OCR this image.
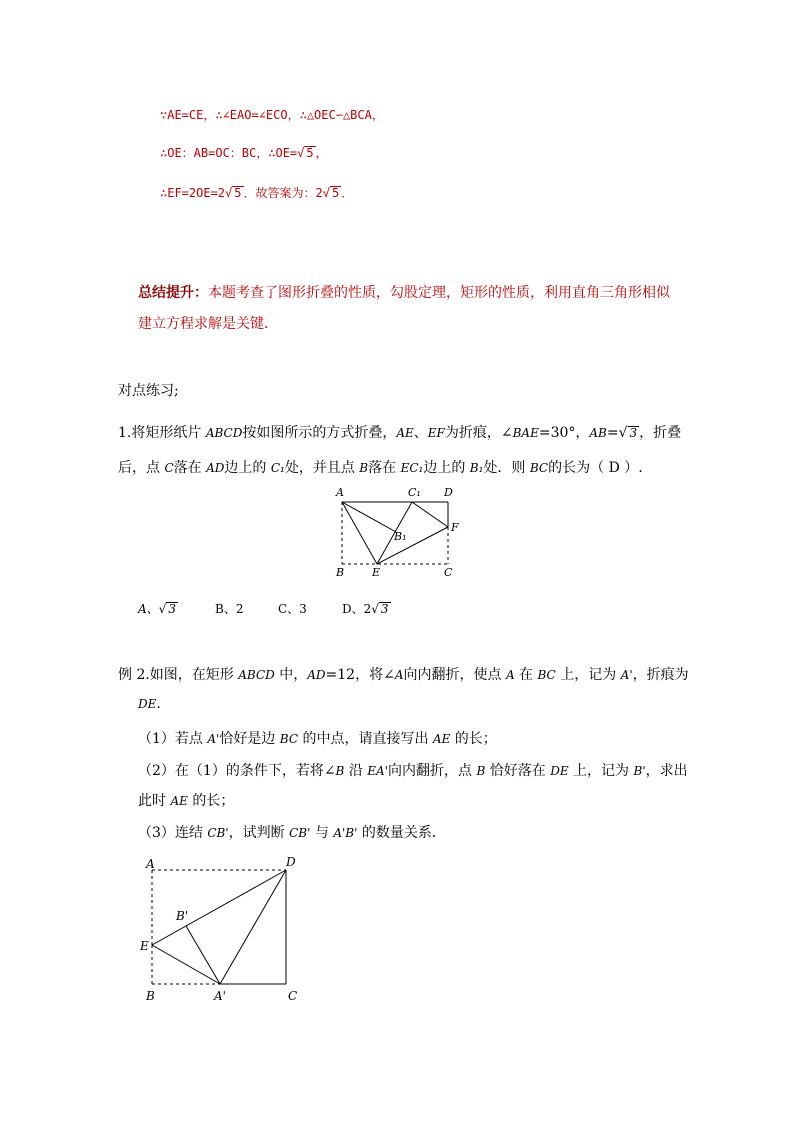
∵AE=CE，∴∠EAO=∠ECO，∴△OEC∽△BCA，
∴OE：AB=OC：BC，∴OE=√ 5 ，
∴EF=2OE=2√ 5 ．故答案为：2√ 5 ．
总结提升：本题考查了图形折叠的性质，勾股定理，矩形的性质，利用直角三角形相似
建立方程求解是关键．
对点练习;
1.将矩形纸片 ABCD按如图所示的方式折叠，AE、EF为折痕，∠BAE=30°，AB=√ 3 ，折叠
后，点 C落在 AD边上的 C₁处，并且点 B落在 EC₁边上的 B₁处．则 BC的长为（ D ）.
A	C₁ D
B₁
F
B	E	C
A、√ 3	B、2	C、3	D、2√ 3
例 2.如图，在矩形 ABCD 中，AD=12，将∠A向内翻折，使点 A 在 BC 上，记为 A'，折痕为
DE.
（1）若点 A'恰好是边 BC 的中点，请直接写出 AE 的长；
（2）在（1）的条件下，若将∠B 沿 EA'向内翻折，点 B 恰好落在 DE 上，记为 B'，求出
此时 AE 的长；
（3）连结 CB'，试判断 CB' 与 A'B' 的数量关系．
A	D
B'
E
B	A'	C
